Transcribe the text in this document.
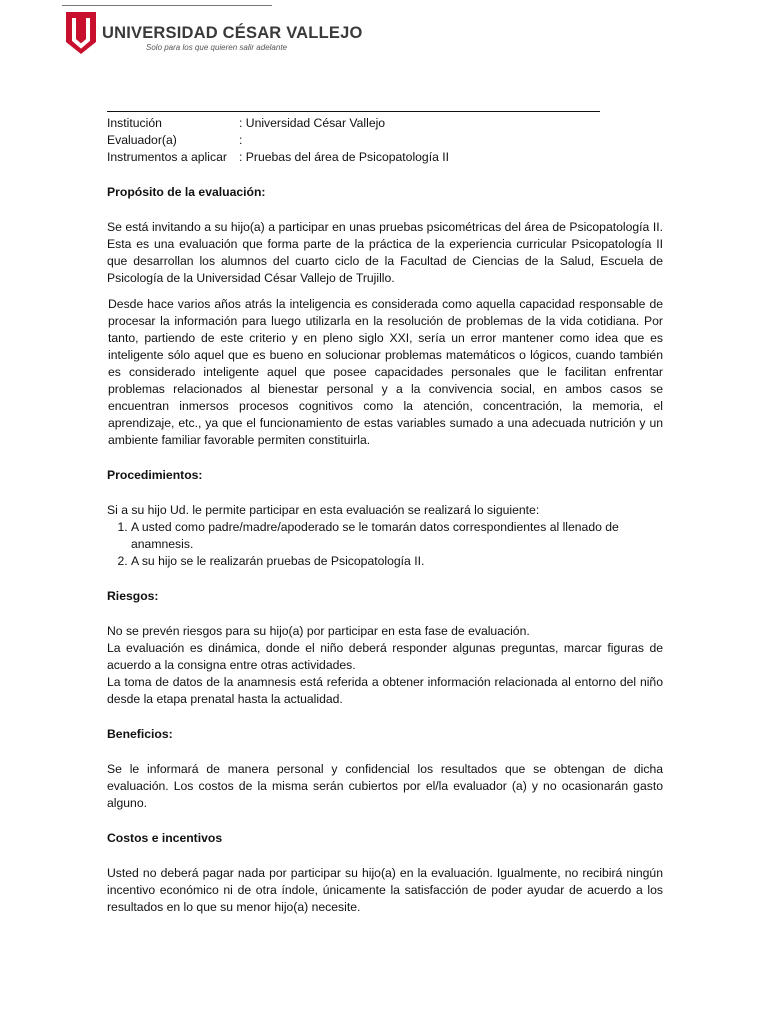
UNIVERSIDAD CÉSAR VALLEJO
Solo para los que quieren salir adelante
Institución	: Universidad César Vallejo
Evaluador(a)	:
Instrumentos a aplicar : Pruebas del área de Psicopatología II
Propósito de la evaluación:

Se está invitando a su hijo(a) a participar en unas pruebas psicométricas del área de Psicopatología II. Esta es una evaluación que forma parte de la práctica de la experiencia curricular Psicopatología II que desarrollan los alumnos del cuarto ciclo de la Facultad de Ciencias de la Salud, Escuela de Psicología de la Universidad César Vallejo de Trujillo.

Desde hace varios años atrás la inteligencia es considerada como aquella capacidad responsable de procesar la información para luego utilizarla en la resolución de problemas de la vida cotidiana. Por tanto, partiendo de este criterio y en pleno siglo XXI, sería un error mantener como idea que es inteligente sólo aquel que es bueno en solucionar problemas matemáticos o lógicos, cuando también es considerado inteligente aquel que posee capacidades personales que le facilitan enfrentar problemas relacionados al bienestar personal y a la convivencia social, en ambos casos se encuentran inmersos procesos cognitivos como la atención, concentración, la memoria, el aprendizaje, etc., ya que el funcionamiento de estas variables sumado a una adecuada nutrición y un ambiente familiar favorable permiten constituirla.

Procedimientos:

Si a su hijo Ud. le permite participar en esta evaluación se realizará lo siguiente:

1. A usted como padre/madre/apoderado se le tomarán datos correspondientes al llenado de anamnesis.
2. A su hijo se le realizarán pruebas de Psicopatología II.
Riesgos:

No se prevén riesgos para su hijo(a) por participar en esta fase de evaluación.

La evaluación es dinámica, donde el niño deberá responder algunas preguntas, marcar figuras de acuerdo a la consigna entre otras actividades.

La toma de datos de la anamnesis está referida a obtener información relacionada al entorno del niño desde la etapa prenatal hasta la actualidad.

Beneficios:

Se le informará de manera personal y confidencial los resultados que se obtengan de dicha evaluación. Los costos de la misma serán cubiertos por el/la evaluador (a) y no ocasionarán gasto alguno.

Costos e incentivos

Usted no deberá pagar nada por participar su hijo(a) en la evaluación. Igualmente, no recibirá ningún incentivo económico ni de otra índole, únicamente la satisfacción de poder ayudar de acuerdo a los resultados en lo que su menor hijo(a) necesite.
